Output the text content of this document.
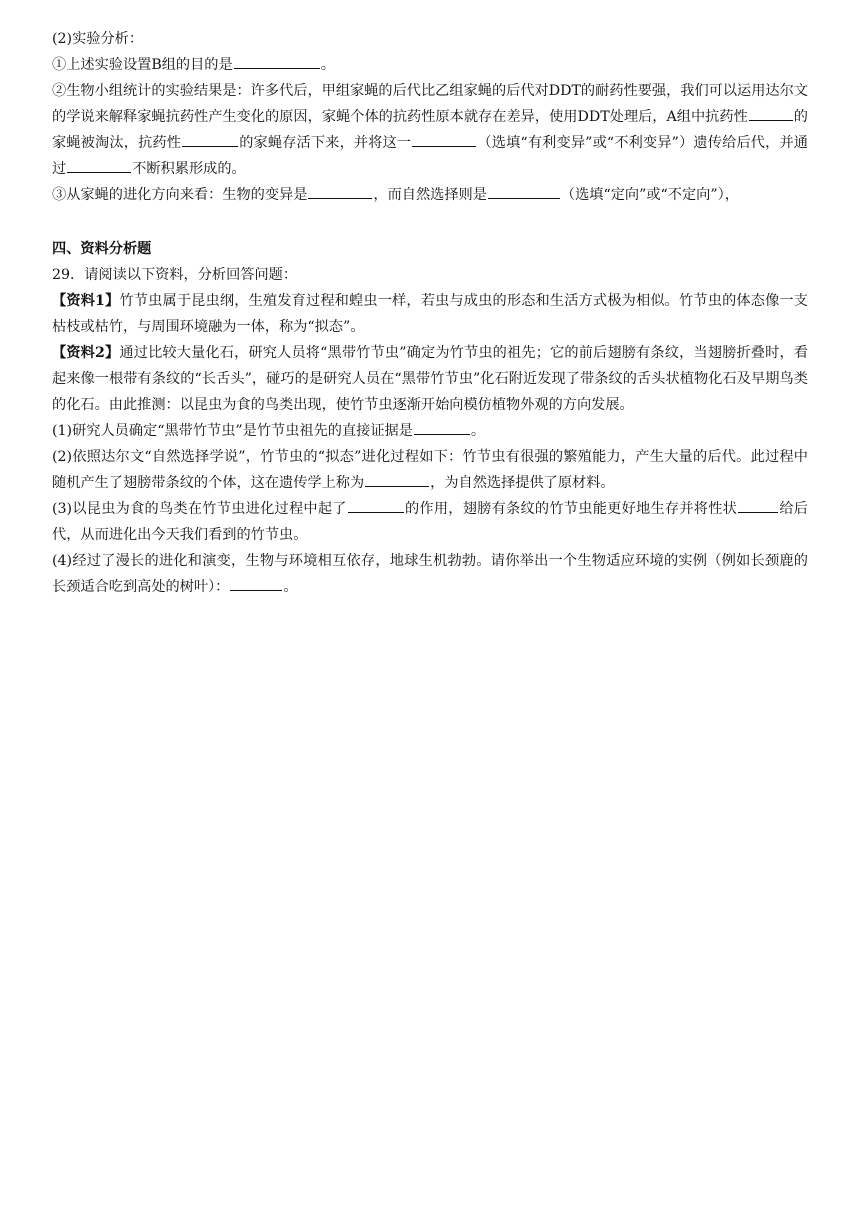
(2)实验分析：
①上述实验设置B组的目的是	。
②生物小组统计的实验结果是：许多代后，甲组家蝇的后代比乙组家蝇的后代对DDT的耐药性要强，我们可以运用达尔文的学说来解释家蝇抗药性产生变化的原因，家蝇个体的抗药性原本就存在差异，使用DDT处理后，A组中抗药性	的家蝇被淘汰，抗药性	的家蝇存活下来，并将这一	（选填“有利变异”或“不利变异”）遗传给后代，并通过	不断积累形成的。
③从家蝇的进化方向来看：生物的变异是	，而自然选择则是	（选填“定向”或“不定向”），
四、资料分析题
29．请阅读以下资料，分析回答问题：
【资料1】竹节虫属于昆虫纲，生殖发育过程和蝗虫一样，若虫与成虫的形态和生活方式极为相似。竹节虫的体态像一支枯枝或枯竹，与周围环境融为一体，称为“拟态”。
【资料2】通过比较大量化石，研究人员将“黑带竹节虫”确定为竹节虫的祖先；它的前后翅膀有条纹，当翅膀折叠时，看起来像一根带有条纹的“长舌头”，碰巧的是研究人员在“黑带竹节虫”化石附近发现了带条纹的舌头状植物化石及早期鸟类的化石。由此推测：以昆虫为食的鸟类出现，使竹节虫逐渐开始向模仿植物外观的方向发展。
(1)研究人员确定“黑带竹节虫”是竹节虫祖先的直接证据是	。
(2)依照达尔文“自然选择学说”，竹节虫的“拟态”进化过程如下：竹节虫有很强的繁殖能力，产生大量的后代。此过程中随机产生了翅膀带条纹的个体，这在遗传学上称为	，为自然选择提供了原材料。
(3)以昆虫为食的鸟类在竹节虫进化过程中起了	的作用，翅膀有条纹的竹节虫能更好地生存并将性状	给后代，从而进化出今天我们看到的竹节虫。
(4)经过了漫长的进化和演变，生物与环境相互依存，地球生机勃勃。请你举出一个生物适应环境的实例（例如长颈鹿的长颈适合吃到高处的树叶）：	。
